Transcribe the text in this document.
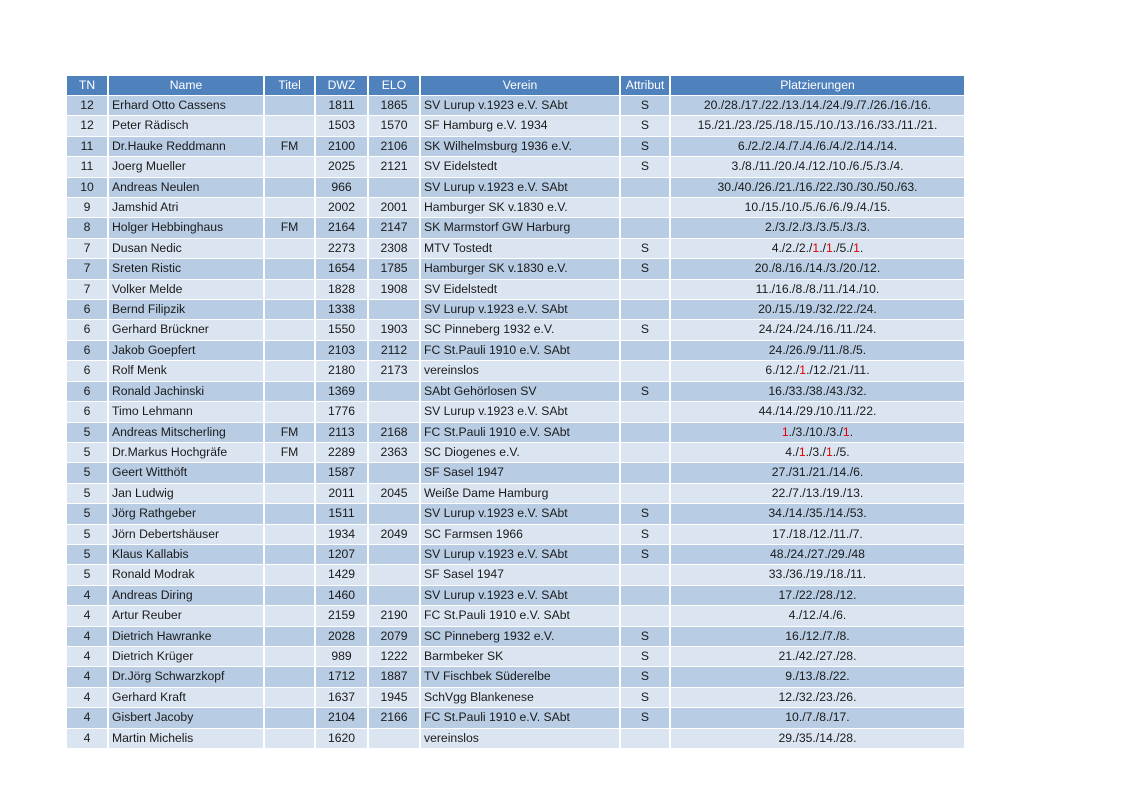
TN	Name	Titel	DWZ	ELO	Verein	Attribut	Platzierungen
12	Erhard Otto Cassens		1811	1865	SV Lurup v.1923 e.V. SAbt	S	20./28./17./22./13./14./24./9./7./26./16./16.
12	Peter Rädisch		1503	1570	SF Hamburg e.V. 1934	S	15./21./23./25./18./15./10./13./16./33./11./21.
11	Dr.Hauke Reddmann	FM	2100	2106	SK Wilhelmsburg 1936 e.V.	S	6./2./2./4./7./4./6./4./2./14./14.
11	Joerg Mueller		2025	2121	SV Eidelstedt	S	3./8./11./20./4./12./10./6./5./3./4.
10	Andreas Neulen		966		SV Lurup v.1923 e.V. SAbt		30./40./26./21./16./22./30./30./50./63.
9	Jamshid Atri		2002	2001	Hamburger SK v.1830 e.V.		10./15./10./5./6./6./9./4./15.
8	Holger Hebbinghaus	FM	2164	2147	SK Marmstorf GW Harburg		2./3./2./3./3./5./3./3.
7	Dusan Nedic		2273	2308	MTV Tostedt	S	4./2./2./1./1./5./1.
7	Sreten Ristic		1654	1785	Hamburger SK v.1830 e.V.	S	20./8./16./14./3./20./12.
7	Volker Melde		1828	1908	SV Eidelstedt		11./16./8./8./11./14./10.
6	Bernd Filipzik		1338		SV Lurup v.1923 e.V. SAbt		20./15./19./32./22./24.
6	Gerhard Brückner		1550	1903	SC Pinneberg 1932 e.V.	S	24./24./24./16./11./24.
6	Jakob Goepfert		2103	2112	FC St.Pauli 1910 e.V. SAbt		24./26./9./11./8./5.
6	Rolf Menk		2180	2173	vereinslos		6./12./1./12./21./11.
6	Ronald Jachinski		1369		SAbt Gehörlosen SV	S	16./33./38./43./32.
6	Timo Lehmann		1776		SV Lurup v.1923 e.V. SAbt		44./14./29./10./11./22.
5	Andreas Mitscherling	FM	2113	2168	FC St.Pauli 1910 e.V. SAbt		1./3./10./3./1.
5	Dr.Markus Hochgräfe	FM	2289	2363	SC Diogenes e.V.		4./1./3./1./5.
5	Geert Witthöft		1587		SF Sasel 1947		27./31./21./14./6.
5	Jan Ludwig		2011	2045	Weiße Dame Hamburg		22./7./13./19./13.
5	Jörg Rathgeber		1511		SV Lurup v.1923 e.V. SAbt	S	34./14./35./14./53.
5	Jörn Debertshäuser		1934	2049	SC Farmsen 1966	S	17./18./12./11./7.
5	Klaus Kallabis		1207		SV Lurup v.1923 e.V. SAbt	S	48./24./27./29./48
5	Ronald Modrak		1429		SF Sasel 1947		33./36./19./18./11.
4	Andreas Diring		1460		SV Lurup v.1923 e.V. SAbt		17./22./28./12.
4	Artur Reuber		2159	2190	FC St.Pauli 1910 e.V. SAbt		4./12./4./6.
4	Dietrich Hawranke		2028	2079	SC Pinneberg 1932 e.V.	S	16./12./7./8.
4	Dietrich Krüger		989	1222	Barmbeker SK	S	21./42./27./28.
4	Dr.Jörg Schwarzkopf		1712	1887	TV Fischbek Süderelbe	S	9./13./8./22.
4	Gerhard Kraft		1637	1945	SchVgg Blankenese	S	12./32./23./26.
4	Gisbert Jacoby		2104	2166	FC St.Pauli 1910 e.V. SAbt	S	10./7./8./17.
4	Martin Michelis		1620		vereinslos		29./35./14./28.
